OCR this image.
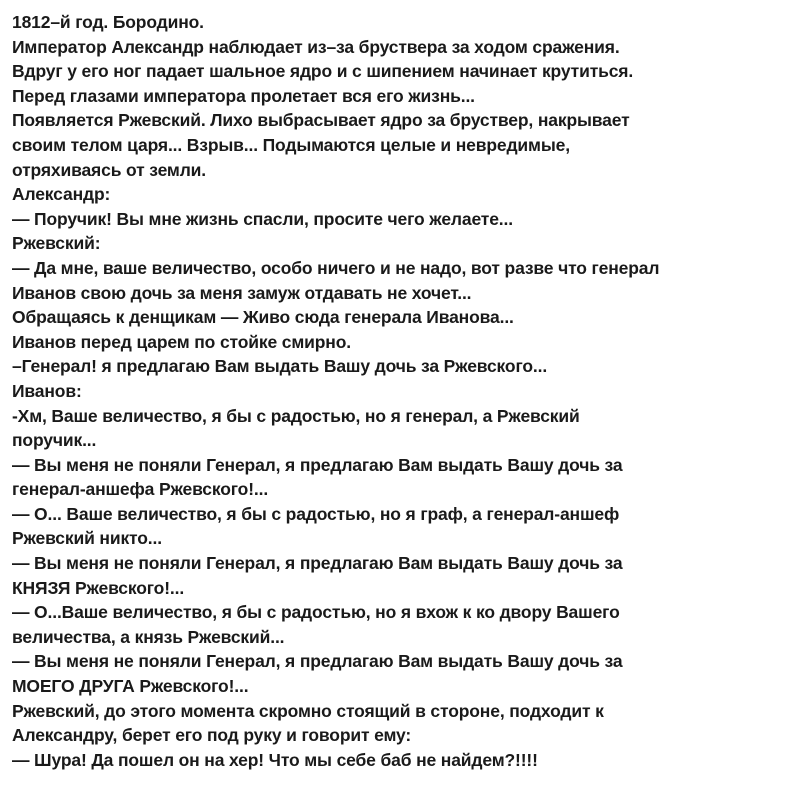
1812–й год. Бородино.
Император Александр наблюдает из–за бруствера за ходом сражения.
Вдруг у его ног падает шальное ядро и с шипением начинает крутиться.
Перед глазами императора пролетает вся его жизнь...
Появляется Ржевский. Лихо выбрасывает ядро за бруствер, накрывает
своим телом царя... Взрыв... Подымаются целые и невредимые,
отряхиваясь от земли.
Александр:
— Поручик! Вы мне жизнь спасли, просите чего желаете...
Ржевский:
— Да мне, ваше величество, особо ничего и не надо, вот разве что генерал
Иванов свою дочь за меня замуж отдавать не хочет...
Обращаясь к денщикам — Живо сюда генерала Иванова...
Иванов перед царем по стойке смирно.
–Генерал! я предлагаю Вам выдать Вашу дочь за Ржевского...
Иванов:
-Хм, Ваше величество, я бы с радостью, но я генерал, а Ржевский
поручик...
— Вы меня не поняли Генерал, я предлагаю Вам выдать Вашу дочь за
генерал-аншефа Ржевского!...
— О... Ваше величество, я бы с радостью, но я граф, а генерал-аншеф
Ржевский никто...
— Вы меня не поняли Генерал, я предлагаю Вам выдать Вашу дочь за
КНЯЗЯ Ржевского!...
— О...Ваше величество, я бы с радостью, но я вхож к ко двору Вашего
величества, а князь Ржевский...
— Вы меня не поняли Генерал, я предлагаю Вам выдать Вашу дочь за
МОЕГО ДРУГА Ржевского!...
Ржевский, до этого момента скромно стоящий в стороне, подходит к
Александру, берет его под руку и говорит ему:
— Шура! Да пошел он на хер! Что мы себе баб не найдем?!!!!
